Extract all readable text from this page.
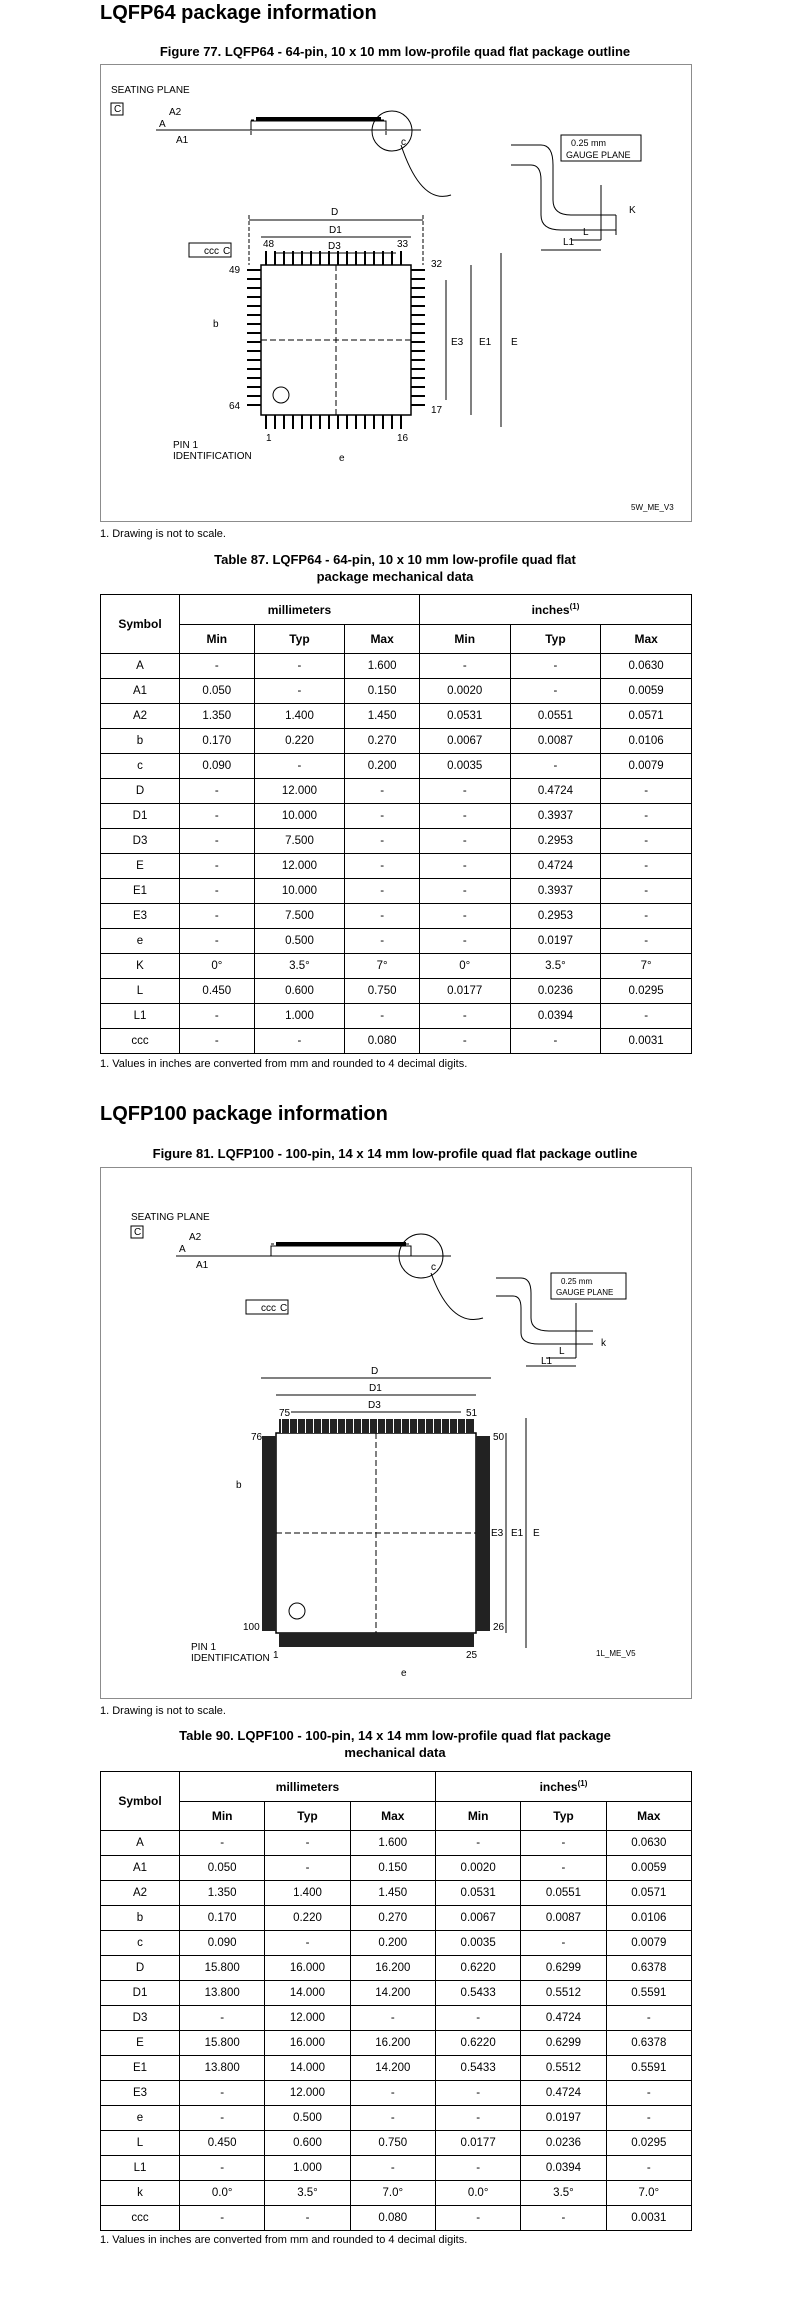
LQFP64 package information
Figure 77. LQFP64 - 64-pin, 10 x 10 mm low-profile quad flat package outline
SEATING PLANE
C
0.25 mm
GAUGE PLANE
ccc C
A
A1
A2
c
K
L
L1
D
D1
D3
E
E1
E3
b
e
48	33
49
32
64	17
1	16
PIN 1
IDENTIFICATION
5W_ME_V3
1. Drawing is not to scale.
Table 87. LQFP64 - 64-pin, 10 x 10 mm low-profile quad flat
package mechanical data
Symbol	millimeters			inches$^{(1)}$
	Min	Typ	Max	Min	Typ	Max
A	-	-	1.600	-	-	0.0630
A1	0.050	-	0.150	0.0020	-	0.0059
A2	1.350	1.400	1.450	0.0531	0.0551	0.0571
b	0.170	0.220	0.270	0.0067	0.0087	0.0106
c	0.090	-	0.200	0.0035	-	0.0079
D	-	12.000	-	-	0.4724	-
D1	-	10.000	-	-	0.3937	-
D3	-	7.500	-	-	0.2953	-
E	-	12.000	-	-	0.4724	-
E1	-	10.000	-	-	0.3937	-
E3	-	7.500	-	-	0.2953	-
e	-	0.500	-	-	0.0197	-
K	0°	3.5°	7°	0°	3.5°	7°
L	0.450	0.600	0.750	0.0177	0.0236	0.0295
L1	-	1.000	-	-	0.0394	-
ccc	-	-	0.080	-	-	0.0031
1. Values in inches are converted from mm and rounded to 4 decimal digits.
LQFP100 package information
Figure 81. LQFP100 - 100-pin, 14 x 14 mm low-profile quad flat package outline
SEATING PLANE
C
0.25 mm
GAUGE PLANE
ccc C
A
A1
A2
c
k
L
L1
D
D1
D3
E
E1
E3
b
e
75	51
76	50
100	26
1	25
PIN 1
IDENTIFICATION	1L_ME_V5
1. Drawing is not to scale.
Table 90. LQPF100 - 100-pin, 14 x 14 mm low-profile quad flat package
mechanical data
Symbol	millimeters			inches$^{(1)}$
	Min	Typ	Max	Min	Typ	Max
A	-	-	1.600	-	-	0.0630
A1	0.050	-	0.150	0.0020	-	0.0059
A2	1.350	1.400	1.450	0.0531	0.0551	0.0571
b	0.170	0.220	0.270	0.0067	0.0087	0.0106
c	0.090	-	0.200	0.0035	-	0.0079
D	15.800	16.000	16.200	0.6220	0.6299	0.6378
D1	13.800	14.000	14.200	0.5433	0.5512	0.5591
D3	-	12.000	-	-	0.4724	-
E	15.800	16.000	16.200	0.6220	0.6299	0.6378
E1	13.800	14.000	14.200	0.5433	0.5512	0.5591
E3	-	12.000	-	-	0.4724	-
e	-	0.500	-	-	0.0197	-
L	0.450	0.600	0.750	0.0177	0.0236	0.0295
L1	-	1.000	-	-	0.0394	-
k	0.0°	3.5°	7.0°	0.0°	3.5°	7.0°
ccc	-	-	0.080	-	-	0.0031
1. Values in inches are converted from mm and rounded to 4 decimal digits.
